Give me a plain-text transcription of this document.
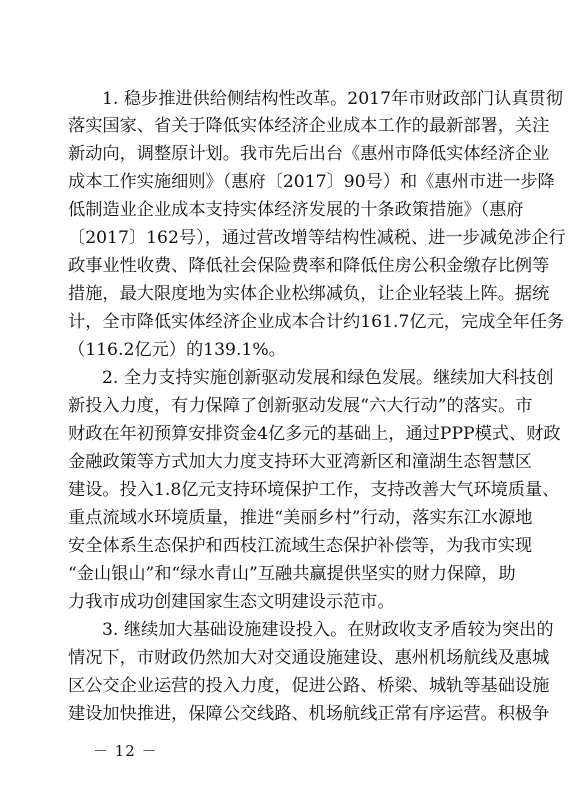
1. 稳步推进供给侧结构性改革。2017年市财政部门认真贯彻
落实国家、省关于降低实体经济企业成本工作的最新部署，关注
新动向，调整原计划。我市先后出台《惠州市降低实体经济企业
成本工作实施细则》（惠府〔2017〕90号）和《惠州市进一步降
低制造业企业成本支持实体经济发展的十条政策措施》（惠府
〔2017〕162号），通过营改增等结构性减税、进一步减免涉企行
政事业性收费、降低社会保险费率和降低住房公积金缴存比例等
措施，最大限度地为实体企业松绑减负，让企业轻装上阵。据统
计，全市降低实体经济企业成本合计约161.7亿元，完成全年任务
（116.2亿元）的139.1%。
2. 全力支持实施创新驱动发展和绿色发展。继续加大科技创
新投入力度，有力保障了创新驱动发展“六大行动”的落实。市
财政在年初预算安排资金4亿多元的基础上，通过PPP模式、财政
金融政策等方式加大力度支持环大亚湾新区和潼湖生态智慧区
建设。投入1.8亿元支持环境保护工作，支持改善大气环境质量、
重点流域水环境质量，推进“美丽乡村”行动，落实东江水源地
安全体系生态保护和西枝江流域生态保护补偿等，为我市实现
“金山银山”和“绿水青山”互融共赢提供坚实的财力保障，助
力我市成功创建国家生态文明建设示范市。
3. 继续加大基础设施建设投入。在财政收支矛盾较为突出的
情况下，市财政仍然加大对交通设施建设、惠州机场航线及惠城
区公交企业运营的投入力度，促进公路、桥梁、城轨等基础设施
建设加快推进，保障公交线路、机场航线正常有序运营。积极争
－ 12 －
